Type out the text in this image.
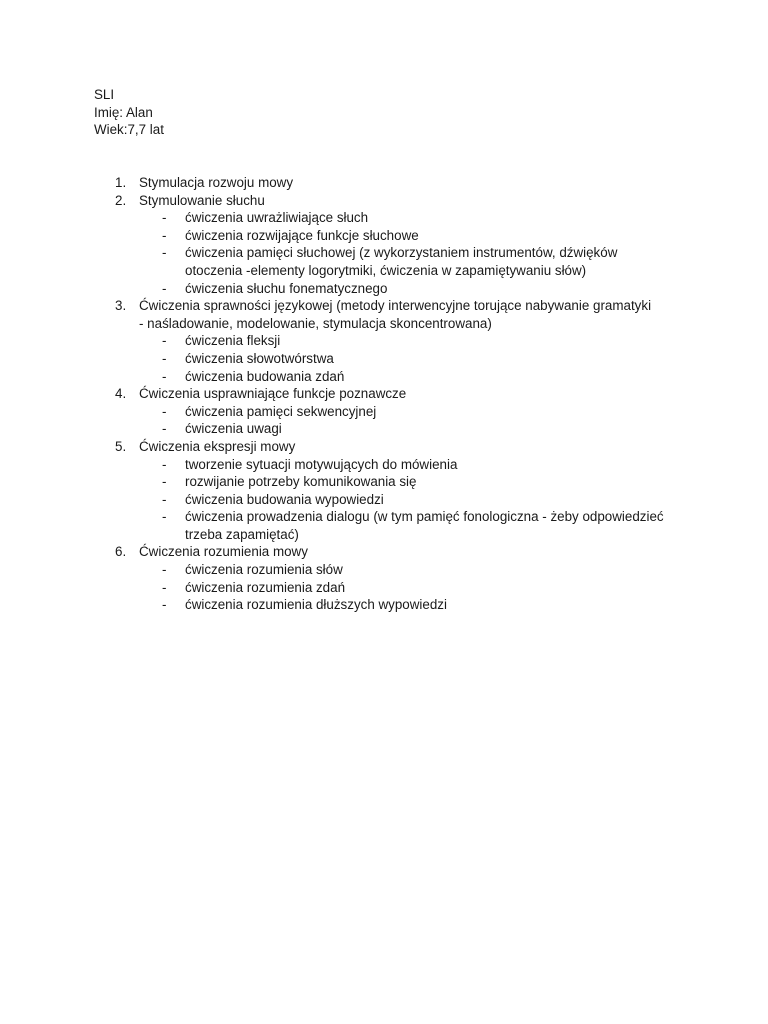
SLI
Imię: Alan
Wiek:7,7 lat
1. Stymulacja rozwoju mowy
2. Stymulowanie słuchu
- ćwiczenia uwrażliwiające słuch
- ćwiczenia rozwijające funkcje słuchowe
- ćwiczenia pamięci słuchowej (z wykorzystaniem instrumentów, dźwięków otoczenia -elementy logorytmiki, ćwiczenia w zapamiętywaniu słów)
- ćwiczenia słuchu fonematycznego
3. Ćwiczenia sprawności językowej (metody interwencyjne torujące nabywanie gramatyki - naśladowanie, modelowanie, stymulacja skoncentrowana)
- ćwiczenia fleksji
- ćwiczenia słowotwórstwa
- ćwiczenia budowania zdań
4. Ćwiczenia usprawniające funkcje poznawcze
- ćwiczenia pamięci sekwencyjnej
- ćwiczenia uwagi
5. Ćwiczenia ekspresji mowy
- tworzenie sytuacji motywujących do mówienia
- rozwijanie potrzeby komunikowania się
- ćwiczenia budowania wypowiedzi
- ćwiczenia prowadzenia dialogu (w tym pamięć fonologiczna - żeby odpowiedzieć trzeba zapamiętać)
6. Ćwiczenia rozumienia mowy
- ćwiczenia rozumienia słów
- ćwiczenia rozumienia zdań
- ćwiczenia rozumienia dłuższych wypowiedzi
